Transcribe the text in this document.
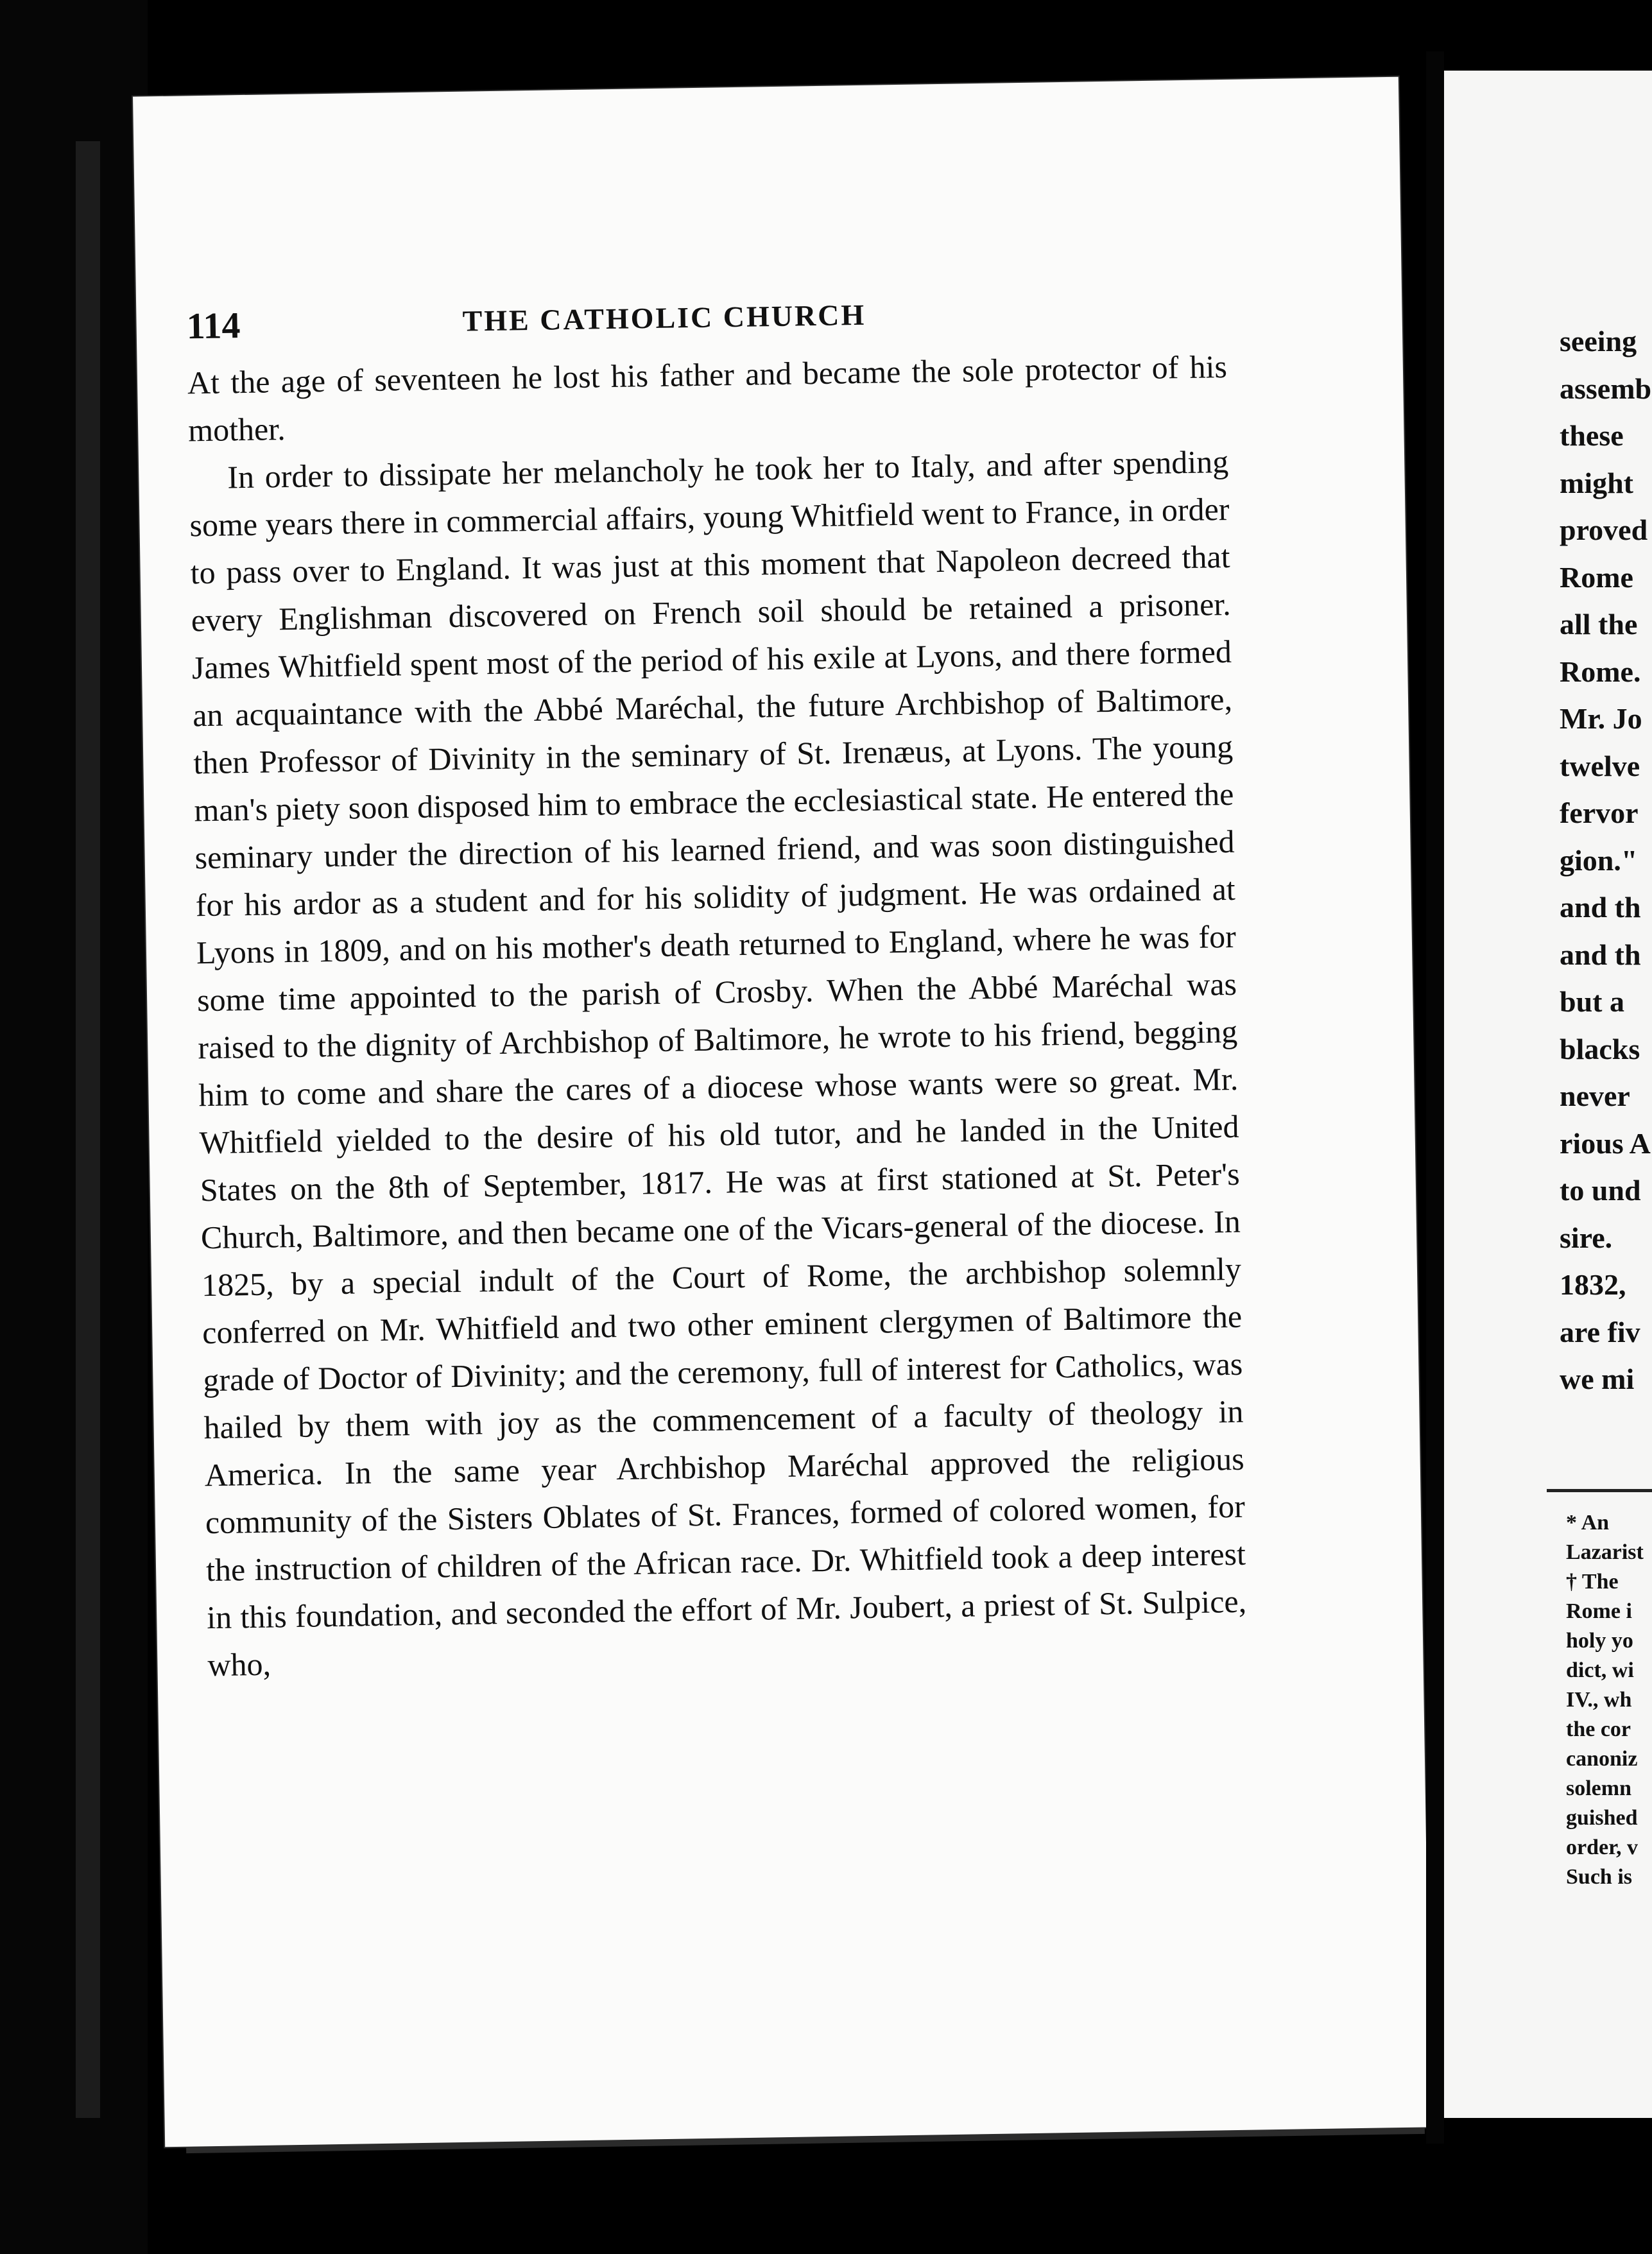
114	THE CATHOLIC CHURCH

At the age of seventeen he lost his father and became the sole protector of his mother.

In order to dissipate her melancholy he took her to Italy, and after spending some years there in commercial affairs, young Whitfield went to France, in order to pass over to England. It was just at this moment that Napoleon decreed that every Englishman discovered on French soil should be retained a prisoner. James Whitfield spent most of the period of his exile at Lyons, and there formed an acquaintance with the Abbé Maréchal, the future Archbishop of Baltimore, then Professor of Divinity in the seminary of St. Irenæus, at Lyons. The young man's piety soon disposed him to embrace the ecclesiastical state. He entered the seminary under the direction of his learned friend, and was soon distinguished for his ardor as a student and for his solidity of judgment. He was ordained at Lyons in 1809, and on his mother's death returned to England, where he was for some time appointed to the parish of Crosby. When the Abbé Maréchal was raised to the dignity of Archbishop of Baltimore, he wrote to his friend, begging him to come and share the cares of a diocese whose wants were so great. Mr. Whitfield yielded to the desire of his old tutor, and he landed in the United States on the 8th of September, 1817. He was at first stationed at St. Peter's Church, Baltimore, and then became one of the Vicars-general of the diocese. In 1825, by a special indult of the Court of Rome, the archbishop solemnly conferred on Mr. Whitfield and two other eminent clergymen of Baltimore the grade of Doctor of Divinity; and the ceremony, full of interest for Catholics, was hailed by them with joy as the commencement of a faculty of theology in America. In the same year Archbishop Maréchal approved the religious community of the Sisters Oblates of St. Frances, formed of colored women, for the instruction of children of the African race. Dr. Whitfield took a deep interest in this foundation, and seconded the effort of Mr. Joubert, a priest of St. Sulpice, who,

seeing
assemb
these
might
proved
Rome
all the
Rome.
Mr. Jo
twelve
fervor
gion."
and th
and th
but a
blacks
never
rious A
to und
sire.
1832,
are fiv
we mi
* An
Lazarist
† The
Rome i
holy yo
dict, wi
IV., wh
the cor
canoniz
solemn
guished
order, v
Such is
